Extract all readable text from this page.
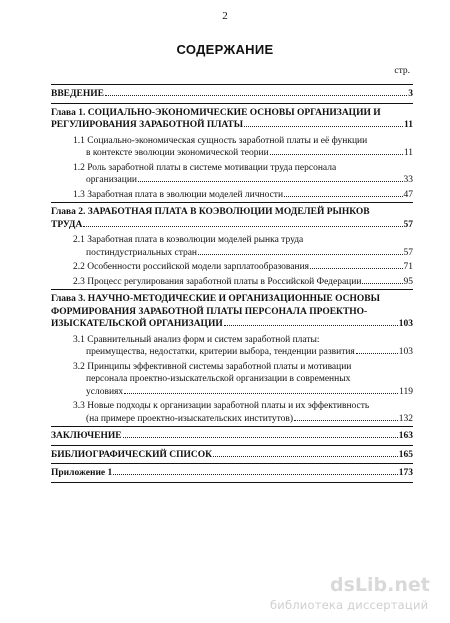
2
СОДЕРЖАНИЕ
стр.
ВВЕДЕНИЕ	3
Глава 1. СОЦИАЛЬНО-ЭКОНОМИЧЕСКИЕ ОСНОВЫ ОРГАНИЗАЦИИ И
РЕГУЛИРОВАНИЯ ЗАРАБОТНОЙ ПЛАТЫ	11
1.1 Социально-экономическая сущность заработной платы и её функции
в контексте эволюции экономической теории	11
1.2 Роль заработной платы в системе мотивации труда персонала
организации	33
1.3 Заработная плата в эволюции моделей личности	47
Глава 2. ЗАРАБОТНАЯ ПЛАТА В КОЭВОЛЮЦИИ МОДЕЛЕЙ РЫНКОВ
ТРУДА	57
2.1 Заработная плата в коэволюции моделей рынка труда
постиндустриальных стран	57
2.2 Особенности российской модели зарплатообразования	71
2.3 Процесс регулирования заработной платы в Российской Федерации	95
Глава 3. НАУЧНО-МЕТОДИЧЕСКИЕ И ОРГАНИЗАЦИОННЫЕ ОСНОВЫ
ФОРМИРОВАНИЯ ЗАРАБОТНОЙ ПЛАТЫ ПЕРСОНАЛА ПРОЕКТНО-
ИЗЫСКАТЕЛЬСКОЙ ОРГАНИЗАЦИИ	103
3.1 Сравнительный анализ форм и систем заработной платы:
преимущества, недостатки, критерии выбора, тенденции развития	103
3.2 Принципы эффективной системы заработной платы и мотивации
персонала проектно-изыскательской организации в современных
условиях	119
3.3 Новые подходы к организации заработной платы и их эффективность
(на примере проектно-изыскательских институтов)	132
ЗАКЛЮЧЕНИЕ	163
БИБЛИОГРАФИЧЕСКИЙ СПИСОК	165
Приложение 1	173
dsLib.net
библиотека диссертаций
